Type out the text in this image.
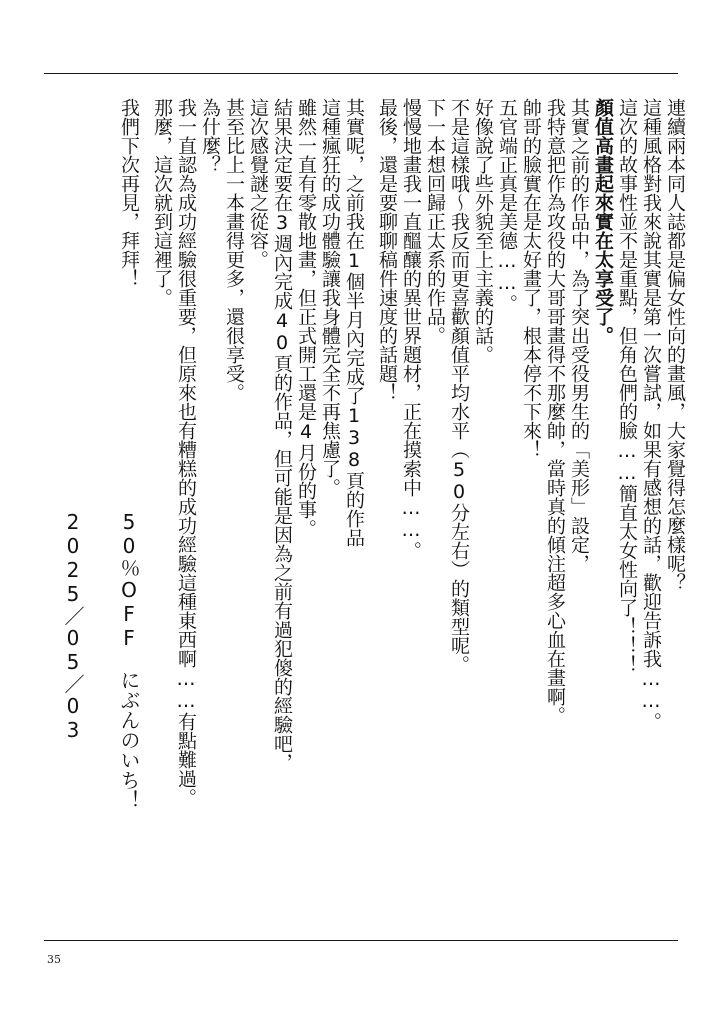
連續兩本同人誌都是偏女性向的畫風，大家覺得怎麼樣呢？
這種風格對我來說其實是第一次嘗試，如果有感想的話，歡迎告訴我……。
這次的故事性並不是重點，但角色們的臉……簡直太女性向了！！！
顏值高畫起來實在太享受了。
其實之前的作品中，為了突出受役男生的「美形」設定，
我特意把作為攻役的大哥哥畫得不那麼帥，當時真的傾注超多心血在畫啊。
帥哥的臉實在是太好畫了，根本停不下來！
五官端正真是美德……。
好像說了些外貌至上主義的話。
不是這樣哦～我反而更喜歡顏值平均水平（50分左右）的類型呢。
下一本想回歸正太系的作品。
慢慢地畫我一直醞釀的異世界題材，正在摸索中……。
最後，還是要聊聊稿件速度的話題！
其實呢，之前我在1個半月內完成了138頁的作品
這種瘋狂的成功體驗讓我身體完全不再焦慮了。
雖然一直有零散地畫，但正式開工還是4月份的事。
結果決定要在3週內完成40頁的作品，但可能是因為之前有過犯傻的經驗吧，
這次感覺謎之從容。
甚至比上一本畫得更多，還很享受。
為什麼？
我一直認為成功經驗很重要，但原來也有糟糕的成功經驗這種東西啊……有點難過。
那麼，這次就到這裡了。
我們下次再見，拜拜！
50％OFF　にぶんのいち！
2025／05／03
35
